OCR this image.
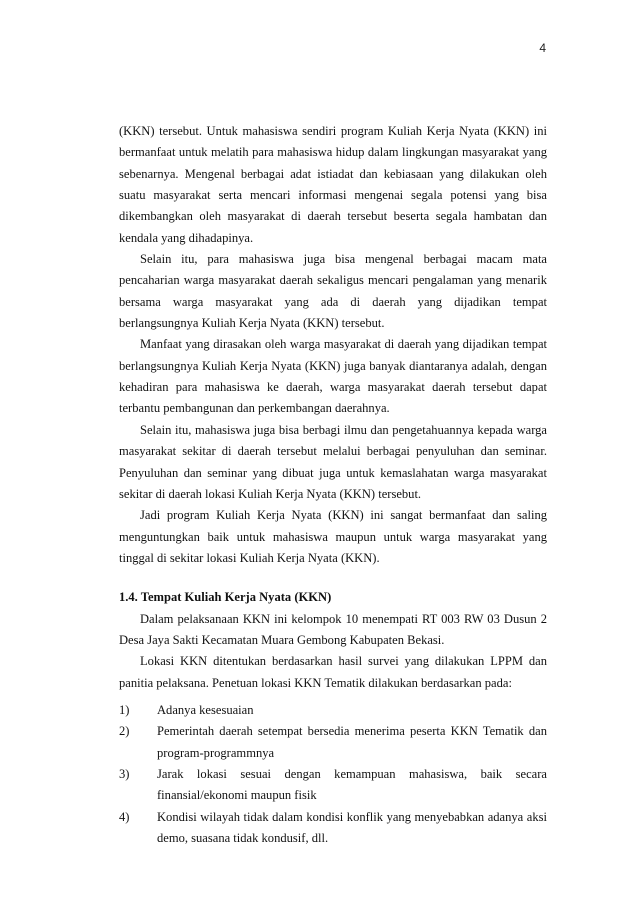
4

(KKN) tersebut. Untuk mahasiswa sendiri program Kuliah Kerja Nyata (KKN) ini bermanfaat untuk melatih para mahasiswa hidup dalam lingkungan masyarakat yang sebenarnya. Mengenal berbagai adat istiadat dan kebiasaan yang dilakukan oleh suatu masyarakat serta mencari informasi mengenai segala potensi yang bisa dikembangkan oleh masyarakat di daerah tersebut beserta segala hambatan dan kendala yang dihadapinya.

Selain itu, para mahasiswa juga bisa mengenal berbagai macam mata pencaharian warga masyarakat daerah sekaligus mencari pengalaman yang menarik bersama warga masyarakat yang ada di daerah yang dijadikan tempat berlangsungnya Kuliah Kerja Nyata (KKN) tersebut.

Manfaat yang dirasakan oleh warga masyarakat di daerah yang dijadikan tempat berlangsungnya Kuliah Kerja Nyata (KKN) juga banyak diantaranya adalah, dengan kehadiran para mahasiswa ke daerah, warga masyarakat daerah tersebut dapat terbantu pembangunan dan perkembangan daerahnya.

Selain itu, mahasiswa juga bisa berbagi ilmu dan pengetahuannya kepada warga masyarakat sekitar di daerah tersebut melalui berbagai penyuluhan dan seminar. Penyuluhan dan seminar yang dibuat juga untuk kemaslahatan warga masyarakat sekitar di daerah lokasi Kuliah Kerja Nyata (KKN) tersebut.

Jadi program Kuliah Kerja Nyata (KKN) ini sangat bermanfaat dan saling menguntungkan baik untuk mahasiswa maupun untuk warga masyarakat yang tinggal di sekitar lokasi Kuliah Kerja Nyata (KKN).

1.4. Tempat Kuliah Kerja Nyata (KKN)

Dalam pelaksanaan KKN ini kelompok 10 menempati RT 003 RW 03 Dusun 2 Desa Jaya Sakti Kecamatan Muara Gembong Kabupaten Bekasi.

Lokasi KKN ditentukan berdasarkan hasil survei yang dilakukan LPPM dan panitia pelaksana. Penetuan lokasi KKN Tematik dilakukan berdasarkan pada:

1) Adanya kesesuaian
2) Pemerintah daerah setempat bersedia menerima peserta KKN Tematik dan program-programmnya
3) Jarak lokasi sesuai dengan kemampuan mahasiswa, baik secara finansial/ekonomi maupun fisik
4) Kondisi wilayah tidak dalam kondisi konflik yang menyebabkan adanya aksi demo, suasana tidak kondusif, dll.
